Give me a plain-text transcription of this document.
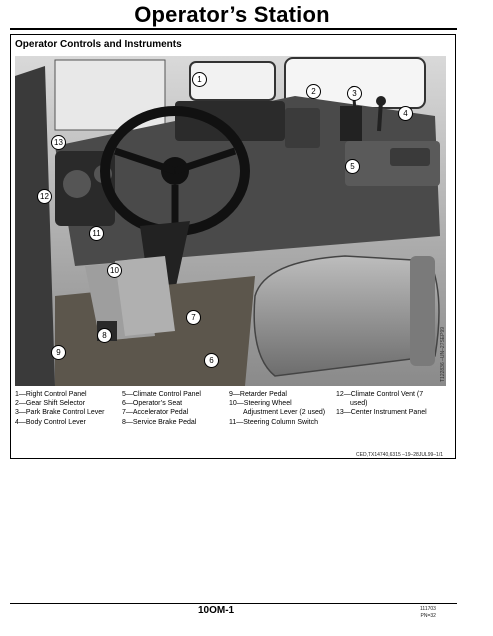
Operator’s Station
Operator Controls and Instruments
1
2	3
4
5
6
7
8
9
10
11
12
13
T122836 –UN–27SEP99
1—Right Control Panel
2—Gear Shift Selector
3—Park Brake Control Lever
4—Body Control Lever
5—Climate Control Panel
6—Operator’s Seat
7—Accelerator Pedal
8—Service Brake Pedal
9—Retarder Pedal
10—Steering Wheel
Adjustment Lever (2 used)
11—Steering Column Switch
12—Climate Control Vent (7
used)
13—Center Instrument Panel
CED,TX14740,6315 –19–28JUL99–1/1
10OM-1	111703
PN=32
